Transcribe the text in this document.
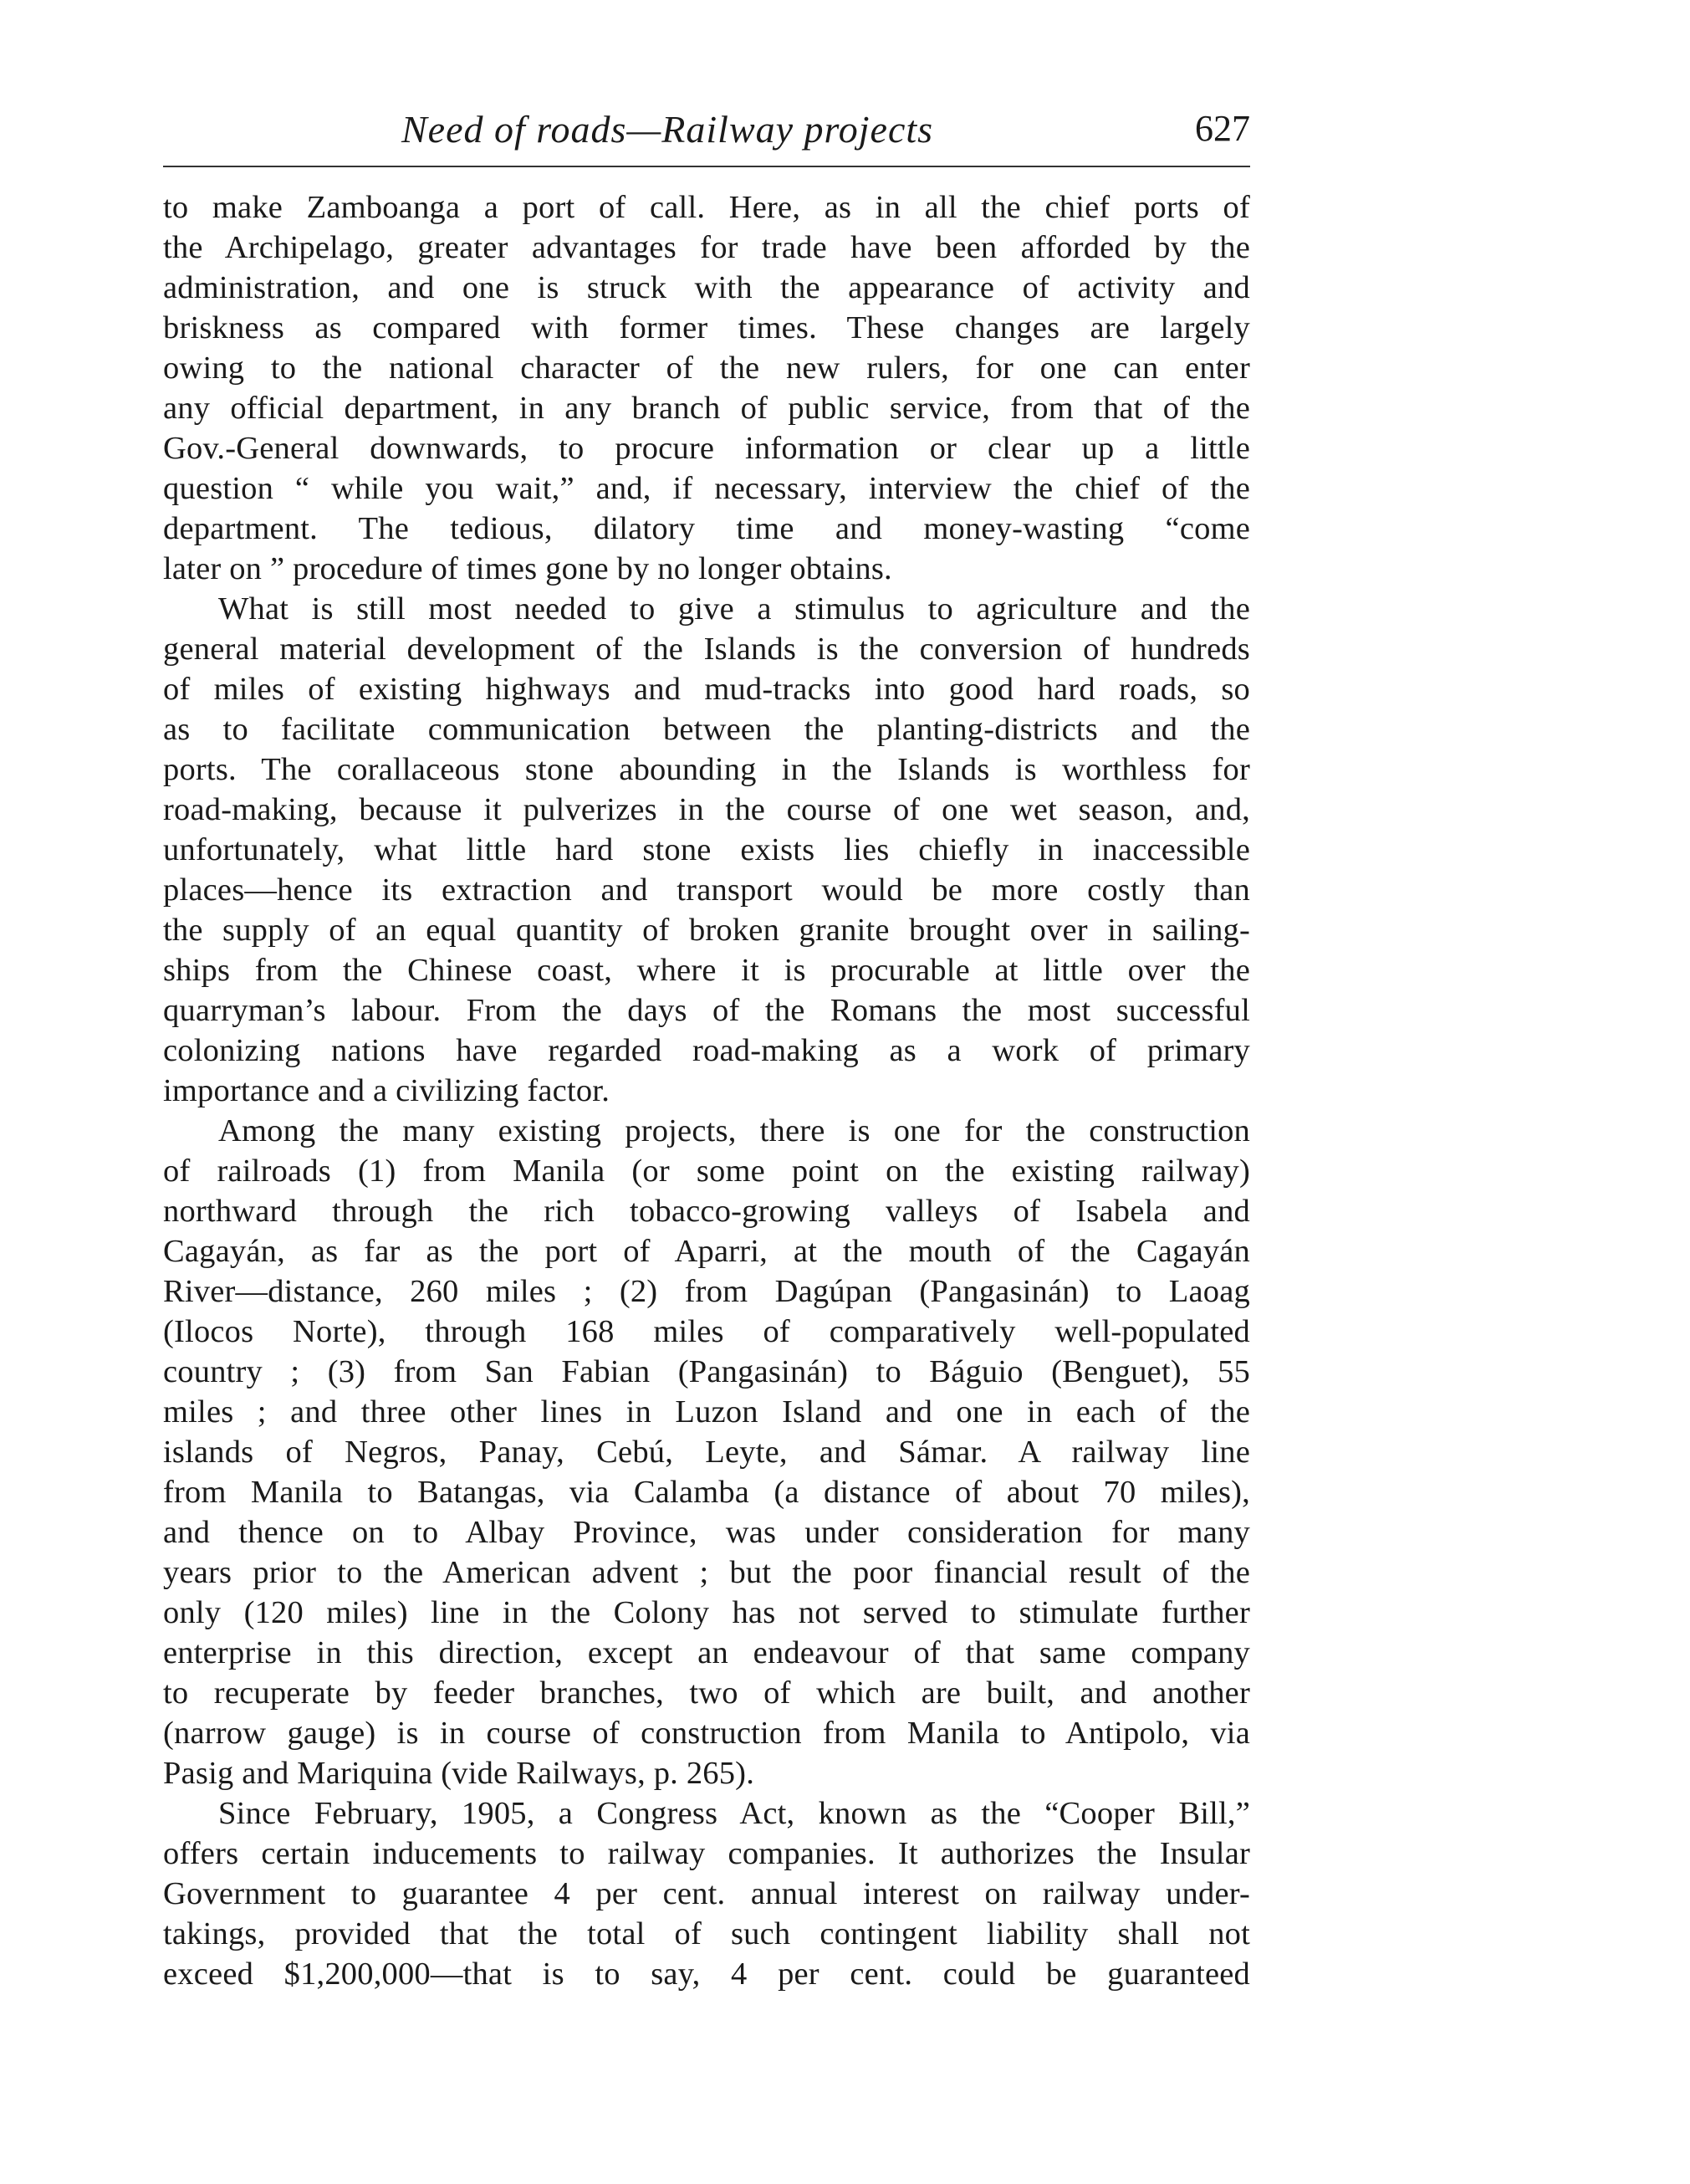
Need of roads—Railway projects	627
to make Zamboanga a port of call. Here, as in all the chief ports of
the Archipelago, greater advantages for trade have been afforded by the
administration, and one is struck with the appearance of activity and
briskness as compared with former times. These changes are largely
owing to the national character of the new rulers, for one can enter
any official department, in any branch of public service, from that of the
Gov.-General downwards, to procure information or clear up a little
question “ while you wait,” and, if necessary, interview the chief of the
department. The tedious, dilatory time and money-wasting “come
later on ” procedure of times gone by no longer obtains.
What is still most needed to give a stimulus to agriculture and the
general material development of the Islands is the conversion of hundreds
of miles of existing highways and mud-tracks into good hard roads, so
as to facilitate communication between the planting-districts and the
ports. The corallaceous stone abounding in the Islands is worthless for
road-making, because it pulverizes in the course of one wet season, and,
unfortunately, what little hard stone exists lies chiefly in inaccessible
places—hence its extraction and transport would be more costly than
the supply of an equal quantity of broken granite brought over in sailing-
ships from the Chinese coast, where it is procurable at little over the
quarryman’s labour. From the days of the Romans the most successful
colonizing nations have regarded road-making as a work of primary
importance and a civilizing factor.
Among the many existing projects, there is one for the construction
of railroads (1) from Manila (or some point on the existing railway)
northward through the rich tobacco-growing valleys of Isabela and
Cagayán, as far as the port of Aparri, at the mouth of the Cagayán
River—distance, 260 miles ; (2) from Dagúpan (Pangasinán) to Laoag
(Ilocos Norte), through 168 miles of comparatively well-populated
country ; (3) from San Fabian (Pangasinán) to Báguio (Benguet), 55
miles ; and three other lines in Luzon Island and one in each of the
islands of Negros, Panay, Cebú, Leyte, and Sámar. A railway line
from Manila to Batangas, via Calamba (a distance of about 70 miles),
and thence on to Albay Province, was under consideration for many
years prior to the American advent ; but the poor financial result of the
only (120 miles) line in the Colony has not served to stimulate further
enterprise in this direction, except an endeavour of that same company
to recuperate by feeder branches, two of which are built, and another
(narrow gauge) is in course of construction from Manila to Antipolo, via
Pasig and Mariquina (vide Railways, p. 265).
Since February, 1905, a Congress Act, known as the “Cooper Bill,”
offers certain inducements to railway companies. It authorizes the Insular
Government to guarantee 4 per cent. annual interest on railway under-
takings, provided that the total of such contingent liability shall not
exceed $1,200,000—that is to say, 4 per cent. could be guaranteed
